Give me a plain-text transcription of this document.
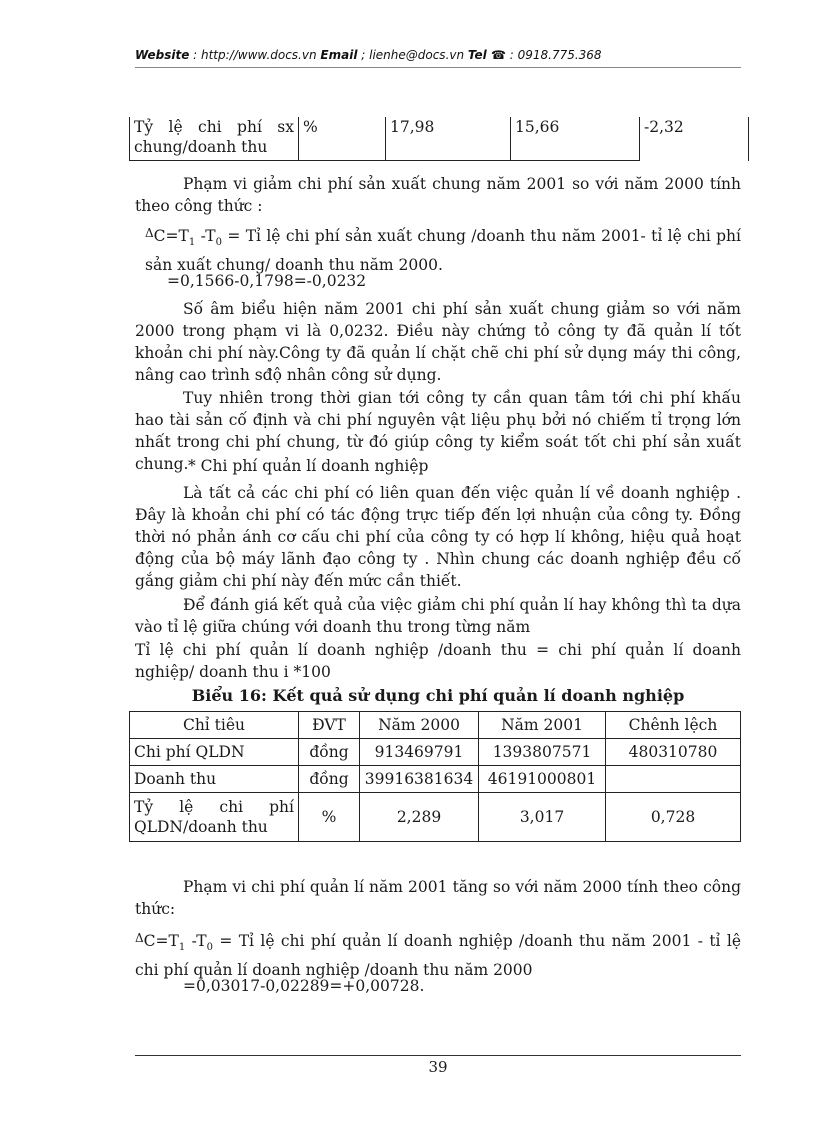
Website : http://www.docs.vn Email ; lienhe@docs.vn Tel ☎ : 0918.775.368
Tỷ lệ chi phí sx chung/doanh thu	%	17,98	15,66	-2,32
Phạm vi giảm chi phí sản xuất chung năm 2001 so với năm 2000 tính theo công thức :
$^\Delta C=T_1$ $-T_0$ = Tỉ lệ chi phí sản xuất chung /doanh thu năm 2001- tỉ lệ chi phí sản xuất chung/ doanh thu năm 2000.
=0,1566-0,1798=-0,0232
Số âm biểu hiện năm 2001 chi phí sản xuất chung giảm so với năm 2000 trong phạm vi là 0,0232. Điều này chứng tỏ công ty đã quản lí tốt khoản chi phí này.Công ty đã quản lí chặt chẽ chi phí sử dụng máy thi công, nâng cao trình sđộ nhân công sử dụng.
Tuy nhiên trong thời gian tới công ty cần quan tâm tới chi phí khấu hao tài sản cố định và chi phí nguyên vật liệu phụ bởi nó chiếm tỉ trọng lớn nhất trong chi phí chung, từ đó giúp công ty kiểm soát tốt chi phí sản xuất chung. * Chi phí quản lí doanh nghiệp
Là tất cả các chi phí có liên quan đến việc quản lí về doanh nghiệp . Đây là khoản chi phí có tác động trực tiếp đến lợi nhuận của công ty. Đồng thời nó phản ánh cơ cấu chi phí của công ty có hợp lí không, hiệu quả hoạt động của bộ máy lãnh đạo công ty . Nhìn chung các doanh nghiệp đều cố gắng giảm chi phí này đến mức cần thiết.
Để đánh giá kết quả của việc giảm chi phí quản lí hay không thì ta dựa vào tỉ lệ giữa chúng với doanh thu trong từng năm
Tỉ lệ chi phí quản lí doanh nghiệp /doanh thu = chi phí quản lí doanh nghiệp/ doanh thu i *100
Biểu 16: Kết quả sử dụng chi phí quản lí doanh nghiệp
Chỉ tiêu	ĐVT	Năm 2000	Năm 2001	Chênh lệch
Chi phí QLDN	đồng	913469791	1393807571	480310780
Doanh thu	đồng	39916381634	46191000801	
Tỷ lệ chi phí QLDN/doanh thu	%	2,289	3,017	0,728
Phạm vi chi phí quản lí năm 2001 tăng so với năm 2000 tính theo công thức:
$^\Delta C=T_1$ $-T_0$ = Tỉ lệ chi phí quản lí doanh nghiệp /doanh thu năm 2001 - tỉ lệ chi phí quản lí doanh nghiệp /doanh thu năm 2000
=0,03017-0,02289=+0,00728.
39
